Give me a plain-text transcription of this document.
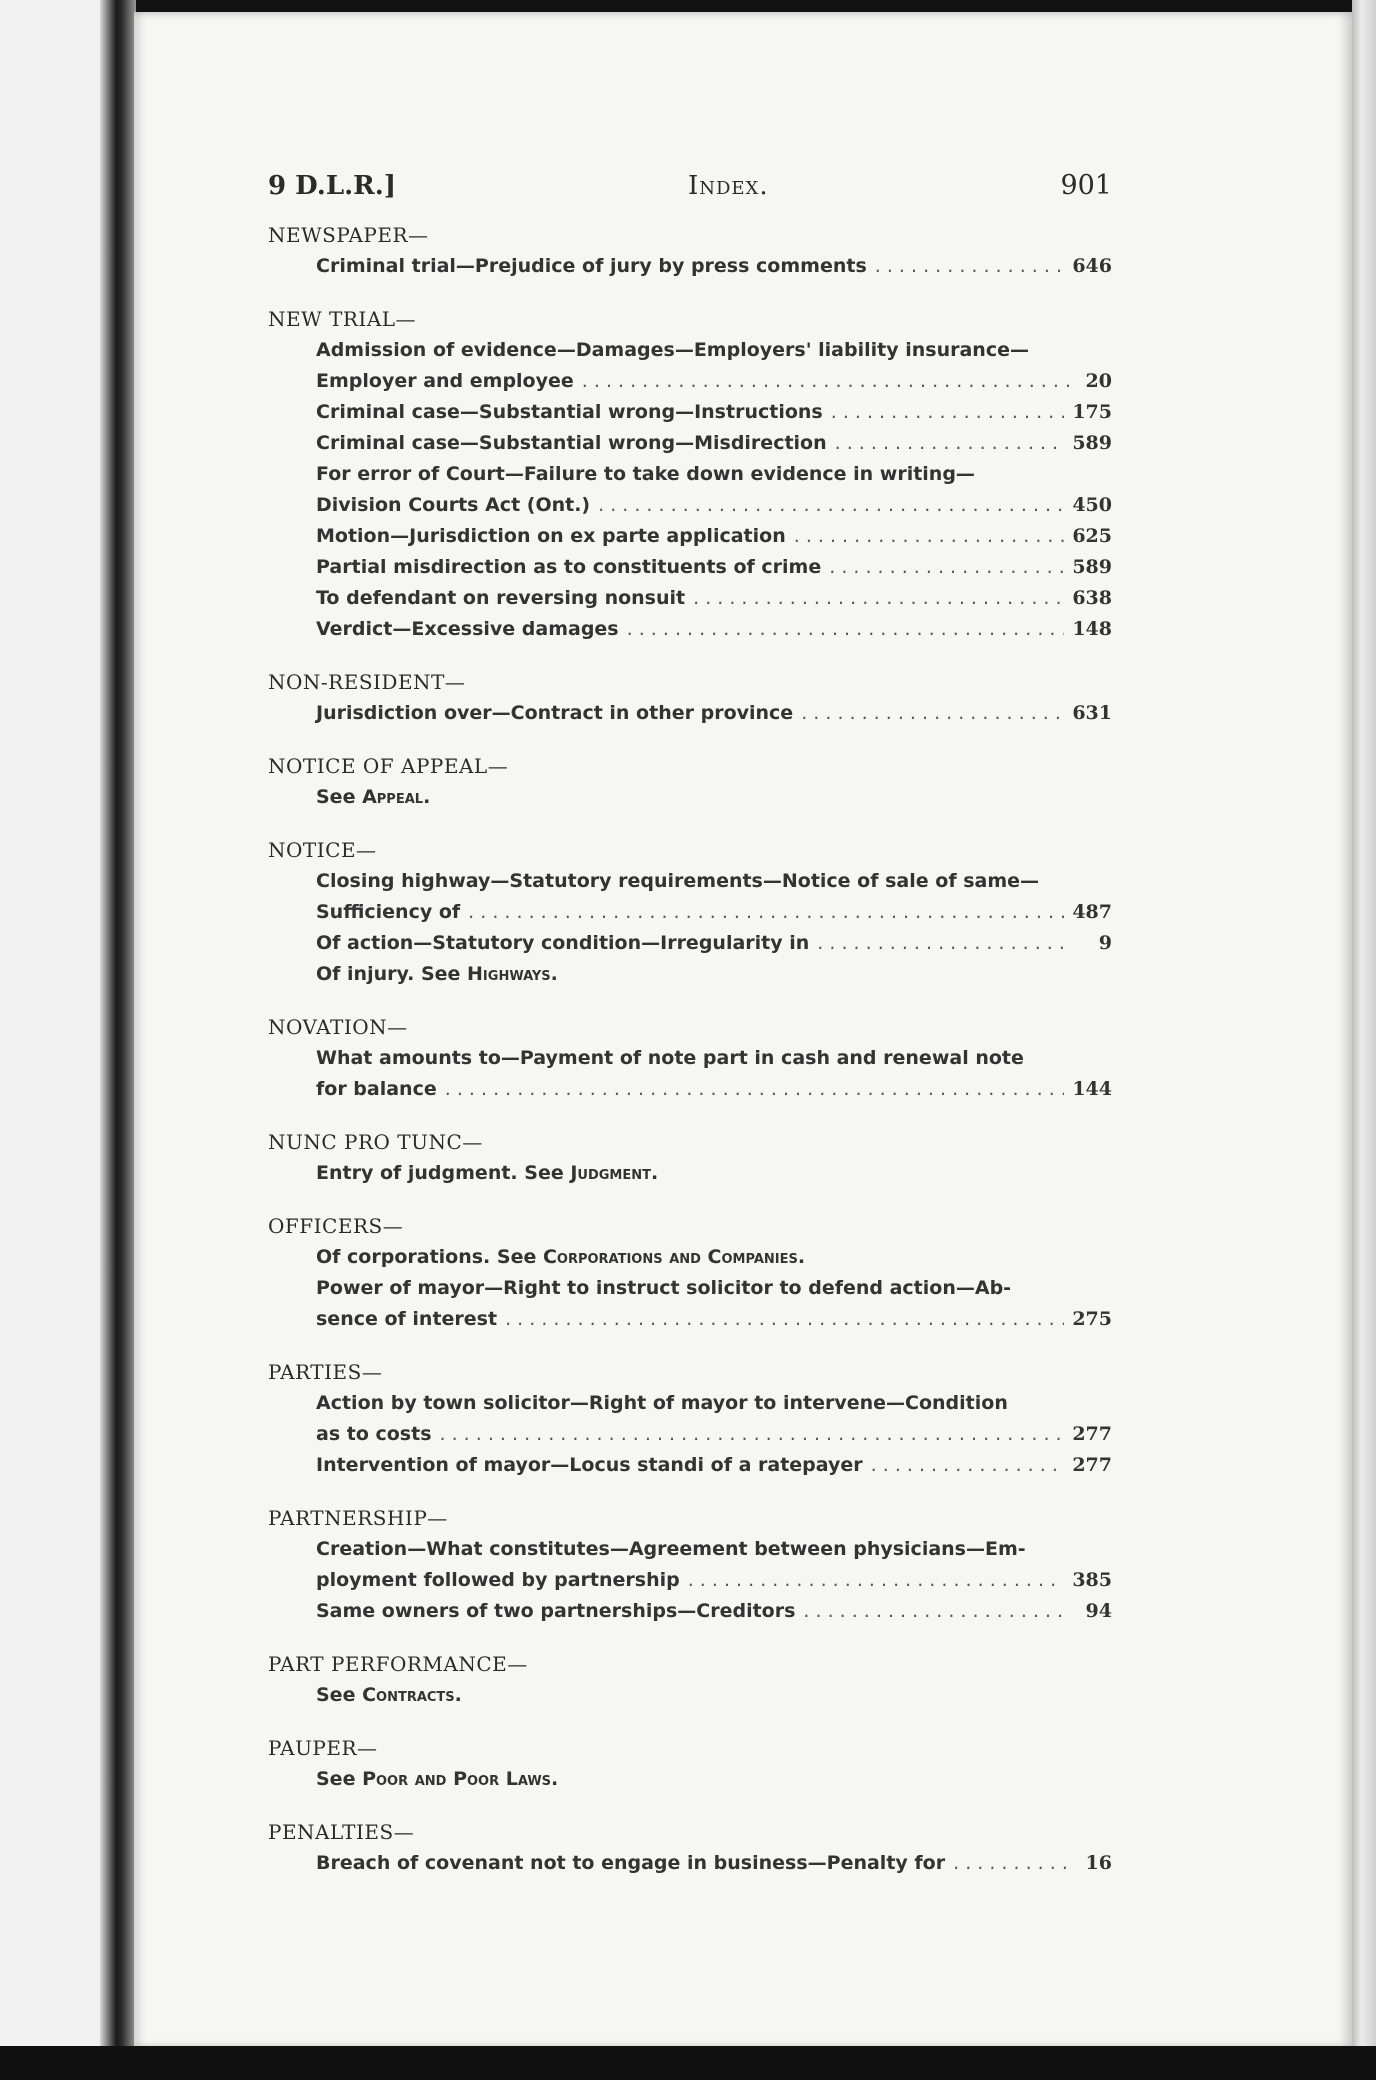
9 D.L.R.]	Index.	901
NEWSPAPER—
Criminal trial—Prejudice of jury by press comments . . .	646
NEW TRIAL—
Admission of evidence—Damages—Employers' liability insurance—
Employer and employee . . .	20
Criminal case—Substantial wrong—Instructions . . .	175
Criminal case—Substantial wrong—Misdirection . . .	589
For error of Court—Failure to take down evidence in writing—
Division Courts Act (Ont.) . . .	450
Motion—Jurisdiction on ex parte application . . .	625
Partial misdirection as to constituents of crime . . .	589
To defendant on reversing nonsuit . . .	638
Verdict—Excessive damages . . .	148
NON-RESIDENT—
Jurisdiction over—Contract in other province . . .	631
NOTICE OF APPEAL—
See Appeal.
NOTICE—
Closing highway—Statutory requirements—Notice of sale of same—
Sufficiency of . . .	487
Of action—Statutory condition—Irregularity in . . .	9
Of injury. See Highways.
NOVATION—
What amounts to—Payment of note part in cash and renewal note
for balance . . .	144
NUNC PRO TUNC—
Entry of judgment. See Judgment.
OFFICERS—
Of corporations. See Corporations and Companies.
Power of mayor—Right to instruct solicitor to defend action—Ab-
sence of interest . . .	275
PARTIES—
Action by town solicitor—Right of mayor to intervene—Condition
as to costs . . .	277
Intervention of mayor—Locus standi of a ratepayer . . .	277
PARTNERSHIP—
Creation—What constitutes—Agreement between physicians—Em-
ployment followed by partnership . . .	385
Same owners of two partnerships—Creditors . . .	94
PART PERFORMANCE—
See Contracts.
PAUPER—
See Poor and Poor Laws.
PENALTIES—
Breach of covenant not to engage in business—Penalty for . . .	16
